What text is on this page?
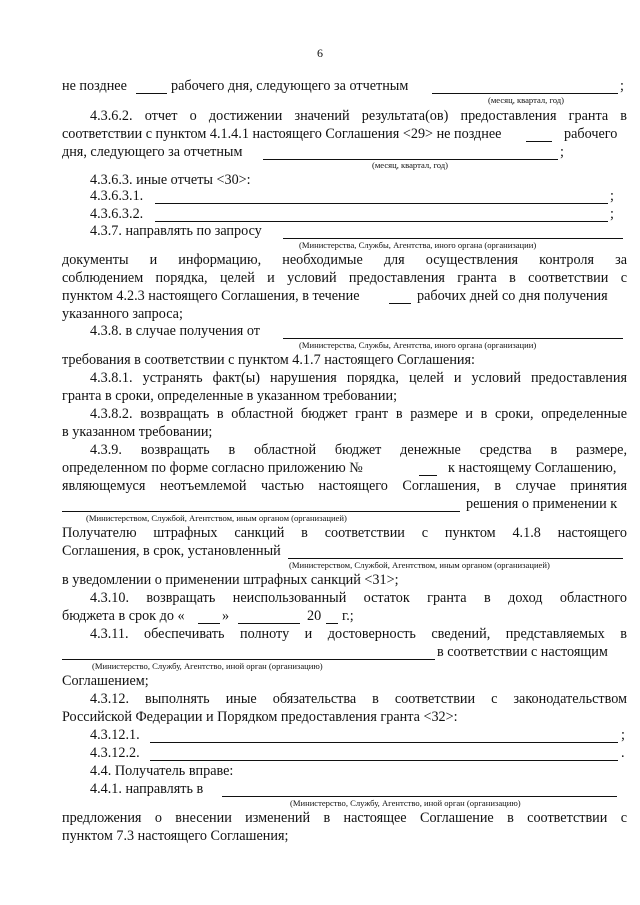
6
не позднее	рабочего дня, следующего за отчетным	;
(месяц, квартал, год)
4.3.6.2. отчет о достижении значений результата(ов) предоставления гранта в
соответствии с пунктом 4.1.4.1 настоящего Соглашения <29> не позднее	рабочего
дня, следующего за отчетным	;
(месяц, квартал, год)
4.3.6.3. иные отчеты <30>:
4.3.6.3.1.	;
4.3.6.3.2.	;
4.3.7. направлять по запросу
(Министерства, Службы, Агентства, иного органа (организации)
документы и информацию, необходимые для осуществления контроля за
соблюдением порядка, целей и условий предоставления гранта в соответствии с
пунктом 4.2.3 настоящего Соглашения, в течение	рабочих дней со дня получения
указанного запроса;
4.3.8. в случае получения от
(Министерства, Службы, Агентства, иного органа (организации)
требования в соответствии с пунктом 4.1.7 настоящего Соглашения:
4.3.8.1. устранять факт(ы) нарушения порядка, целей и условий предоставления
гранта в сроки, определенные в указанном требовании;
4.3.8.2. возвращать в областной бюджет грант в размере и в сроки, определенные
в указанном требовании;
4.3.9. возвращать в областной бюджет денежные средства в размере,
определенном по форме согласно приложению №	к настоящему Соглашению,
являющемуся неотъемлемой частью настоящего Соглашения, в случае принятия
решения о применении к
(Министерством, Службой, Агентством, иным органом (организацией)
Получателю штрафных санкций в соответствии с пунктом 4.1.8 настоящего
Соглашения, в срок, установленный
(Министерством, Службой, Агентством, иным органом (организацией)
в уведомлении о применении штрафных санкций <31>;
4.3.10. возвращать неиспользованный остаток гранта в доход областного
бюджета в срок до «	»	20 г.;
4.3.11. обеспечивать полноту и достоверность сведений, представляемых в
в соответствии с настоящим
(Министерство, Службу, Агентство, иной орган (организацию)
Соглашением;
4.3.12. выполнять иные обязательства в соответствии с законодательством
Российской Федерации и Порядком предоставления гранта <32>:
4.3.12.1.	;
4.3.12.2.	.
4.4. Получатель вправе:
4.4.1. направлять в
(Министерство, Службу, Агентство, иной орган (организацию)
предложения о внесении изменений в настоящее Соглашение в соответствии с
пунктом 7.3 настоящего Соглашения;
